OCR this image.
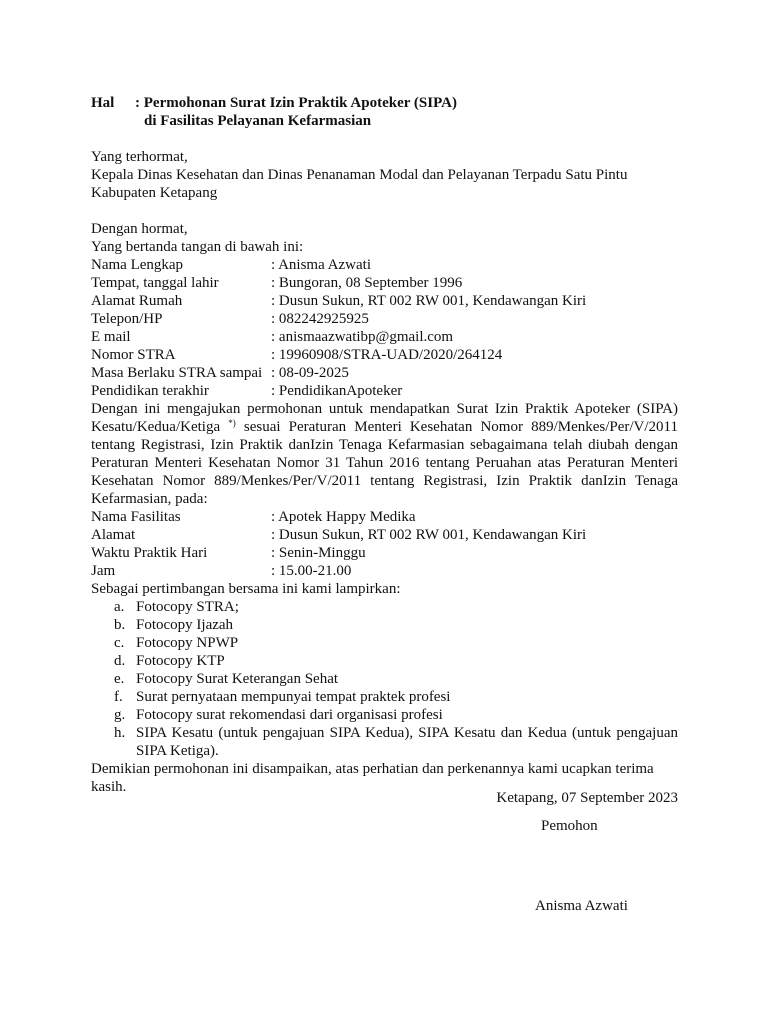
Hal	: Permohonan Surat Izin Praktik Apoteker (SIPA)
di Fasilitas Pelayanan Kefarmasian
Yang terhormat,
Kepala Dinas Kesehatan dan Dinas Penanaman Modal dan Pelayanan Terpadu Satu Pintu
Kabupaten Ketapang
Dengan hormat,
Yang bertanda tangan di bawah ini:
Nama Lengkap	: Anisma Azwati
Tempat, tanggal lahir	: Bungoran, 08 September 1996
Alamat Rumah	: Dusun Sukun, RT 002 RW 001, Kendawangan Kiri
Telepon/HP	: 082242925925
E mail	: anismaazwatibp@gmail.com
Nomor STRA	: 19960908/STRA-UAD/2020/264124
Masa Berlaku STRA sampai : 08-09-2025
Pendidikan terakhir	: PendidikanApoteker
Dengan ini mengajukan permohonan untuk mendapatkan Surat Izin Praktik Apoteker (SIPA) Kesatu/Kedua/Ketiga *) sesuai Peraturan Menteri Kesehatan Nomor 889/Menkes/Per/V/2011 tentang Registrasi, Izin Praktik danIzin Tenaga Kefarmasian sebagaimana telah diubah dengan Peraturan Menteri Kesehatan Nomor 31 Tahun 2016 tentang Peruahan atas Peraturan Menteri Kesehatan Nomor 889/Menkes/Per/V/2011 tentang Registrasi, Izin Praktik danIzin Tenaga Kefarmasian, pada:
Nama Fasilitas	: Apotek Happy Medika
Alamat	: Dusun Sukun, RT 002 RW 001, Kendawangan Kiri
Waktu Praktik Hari	: Senin-Minggu
Jam	: 15.00-21.00
Sebagai pertimbangan bersama ini kami lampirkan:
a. Fotocopy STRA;
b. Fotocopy Ijazah
c. Fotocopy NPWP
d. Fotocopy KTP
e. Fotocopy Surat Keterangan Sehat
f. Surat pernyataan mempunyai tempat praktek profesi
g. Fotocopy surat rekomendasi dari organisasi profesi
h. SIPA Kesatu (untuk pengajuan SIPA Kedua), SIPA Kesatu dan Kedua (untuk pengajuan SIPA Ketiga).
Demikian permohonan ini disampaikan, atas perhatian dan perkenannya kami ucapkan terima kasih.
Ketapang, 07 September 2023
Pemohon
Anisma Azwati
